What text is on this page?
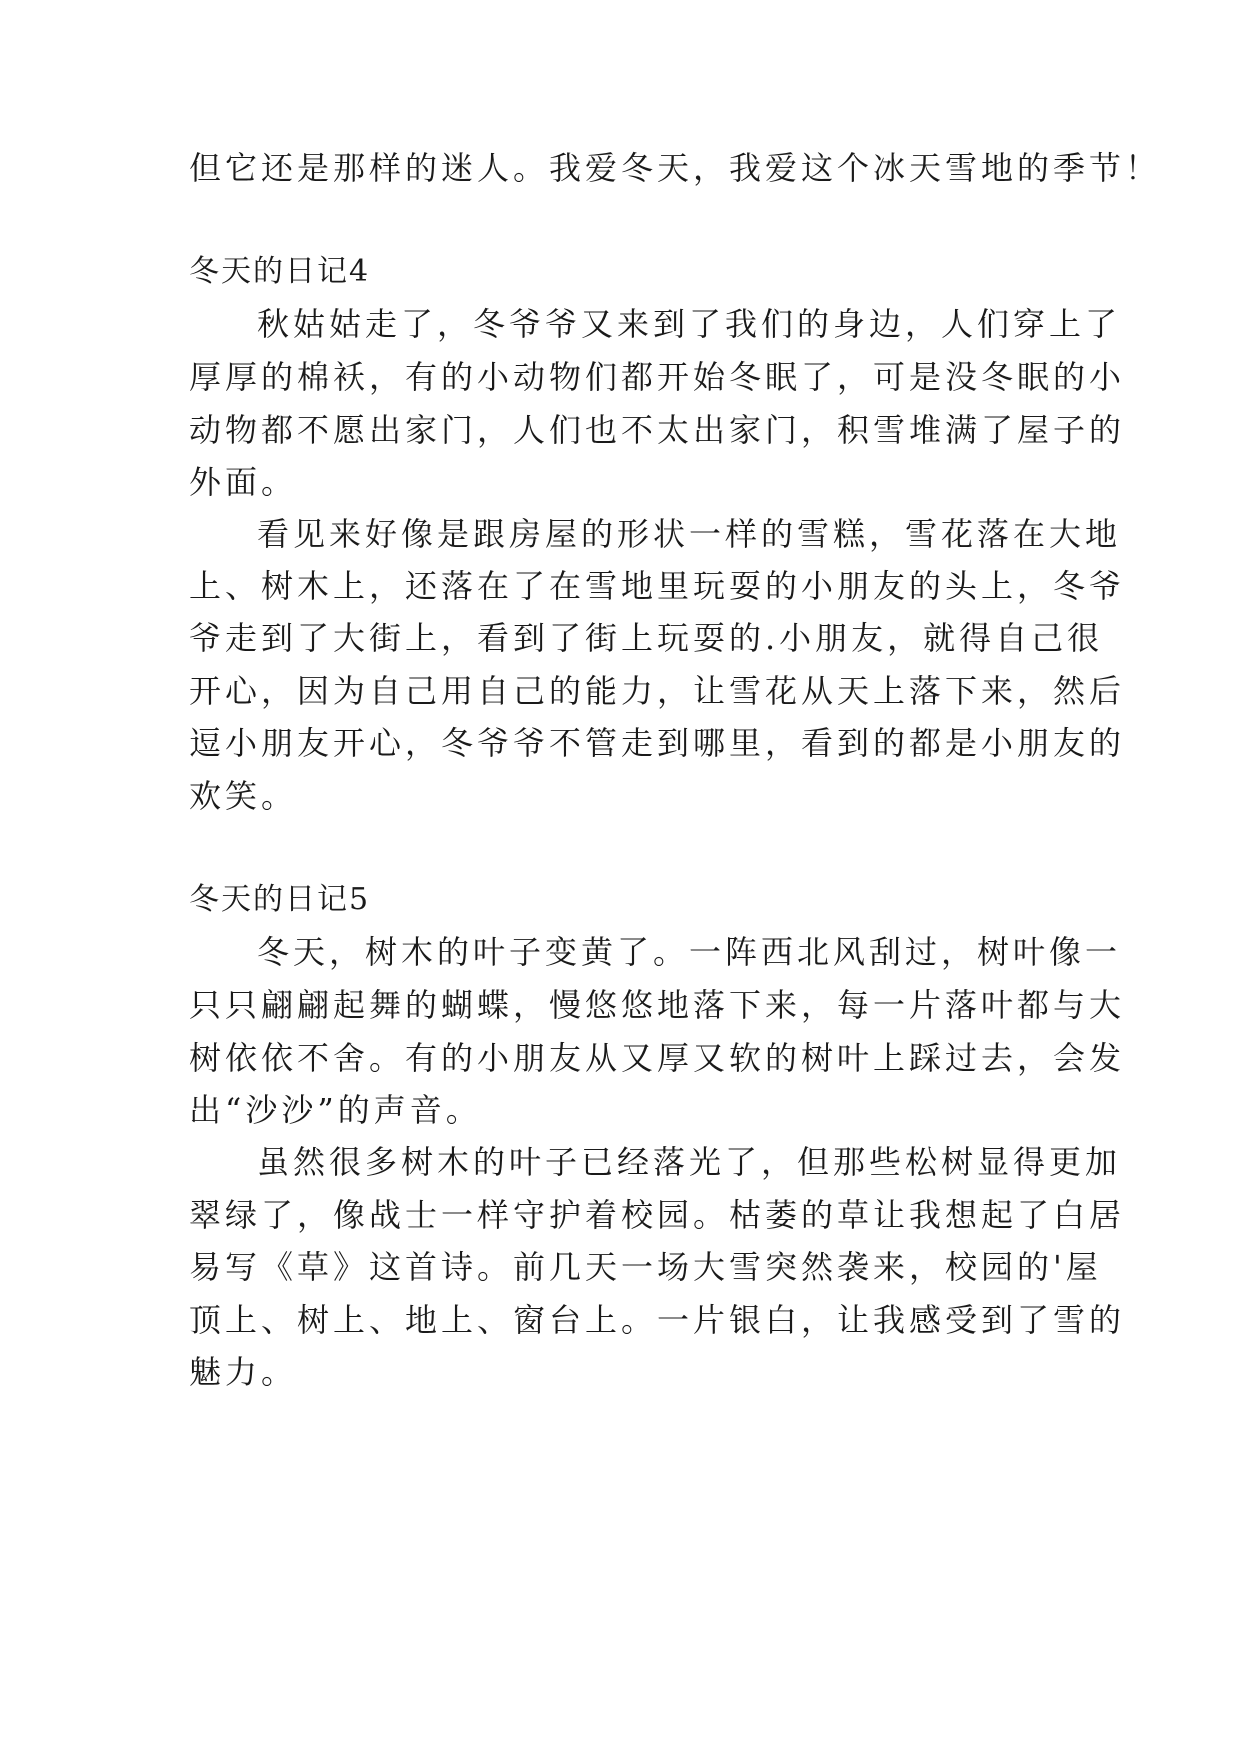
但它还是那样的迷人。我爱冬天，我爱这个冰天雪地的季节！
冬天的日记4
秋姑姑走了，冬爷爷又来到了我们的身边，人们穿上了
厚厚的棉袄，有的小动物们都开始冬眠了，可是没冬眠的小
动物都不愿出家门，人们也不太出家门，积雪堆满了屋子的
外面。
看见来好像是跟房屋的形状一样的雪糕，雪花落在大地
上、树木上，还落在了在雪地里玩耍的小朋友的头上，冬爷
爷走到了大街上，看到了街上玩耍的.小朋友，就得自己很
开心，因为自己用自己的能力，让雪花从天上落下来，然后
逗小朋友开心，冬爷爷不管走到哪里，看到的都是小朋友的
欢笑。
冬天的日记5
冬天，树木的叶子变黄了。一阵西北风刮过，树叶像一
只只翩翩起舞的蝴蝶，慢悠悠地落下来，每一片落叶都与大
树依依不舍。有的小朋友从又厚又软的树叶上踩过去，会发
出“沙沙”的声音。
虽然很多树木的叶子已经落光了，但那些松树显得更加
翠绿了，像战士一样守护着校园。枯萎的草让我想起了白居
易写《草》这首诗。前几天一场大雪突然袭来，校园的'屋
顶上、树上、地上、窗台上。一片银白，让我感受到了雪的
魅力。
